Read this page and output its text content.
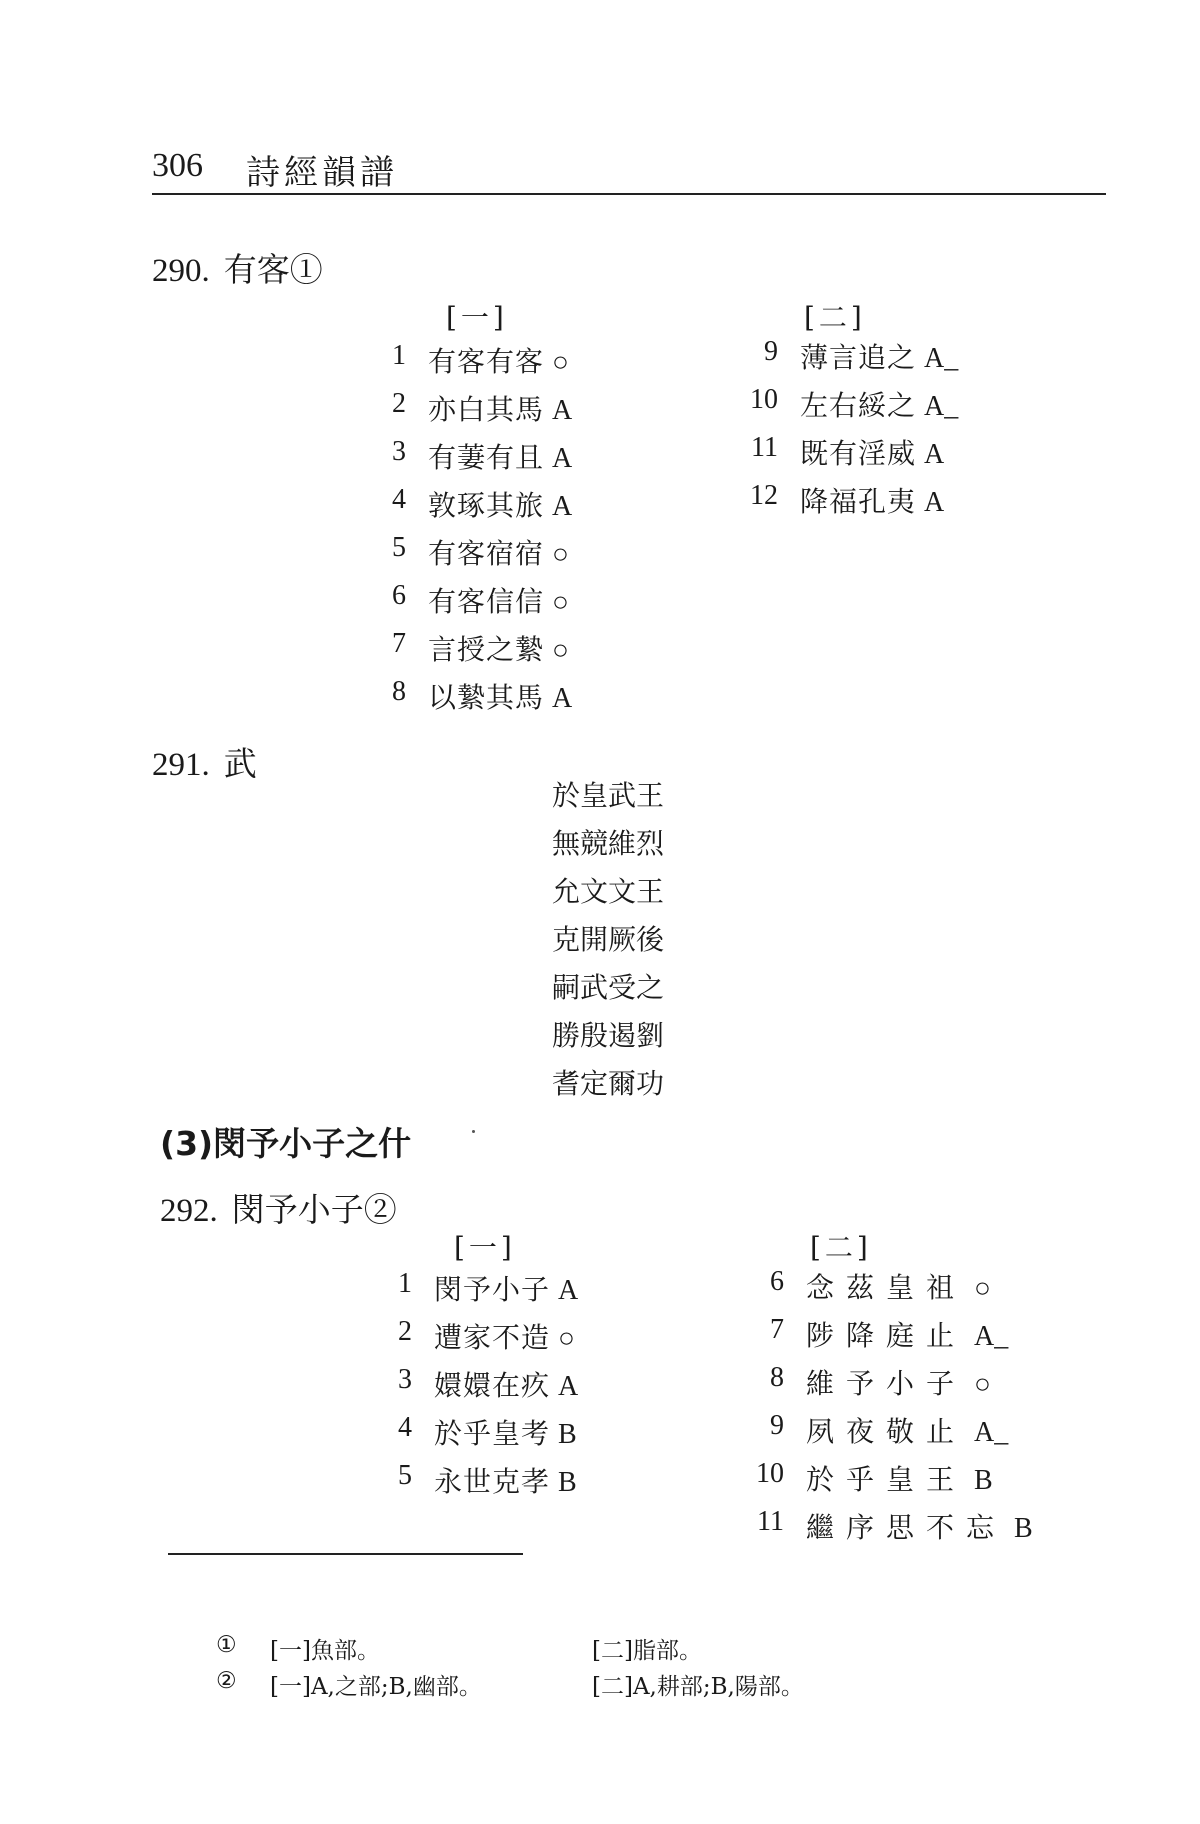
306 詩經韻譜
290. 有客①
[一]	[二]
1 有客有客 ○
2 亦白其馬 A
3 有萋有且 A
4 敦琢其旅 A
5 有客宿宿 ○
6 有客信信 ○
7 言授之縶 ○
8 以縶其馬 A
9 薄言追之 A_
10 左右綏之 A_
11 既有淫威 A
12 降福孔夷 A
291. 武
於皇武王
無競維烈
允文文王
克開厥後
嗣武受之
勝殷遏劉
耆定爾功
(3)閔予小子之什
292. 閔予小子②
[一]	[二]
1 閔予小子 A
2 遭家不造 ○
3 嬛嬛在疚 A
4 於乎皇考 B
5 永世克孝 B
6 念茲皇祖 ○
7 陟降庭止 A_
8 維予小子 ○
9 夙夜敬止 A_
10 於乎皇王 B
11 繼序思不忘 B
① [一]魚部。	[二]脂部。
② [一]A,之部;B,幽部。	[二]A,耕部;B,陽部。
